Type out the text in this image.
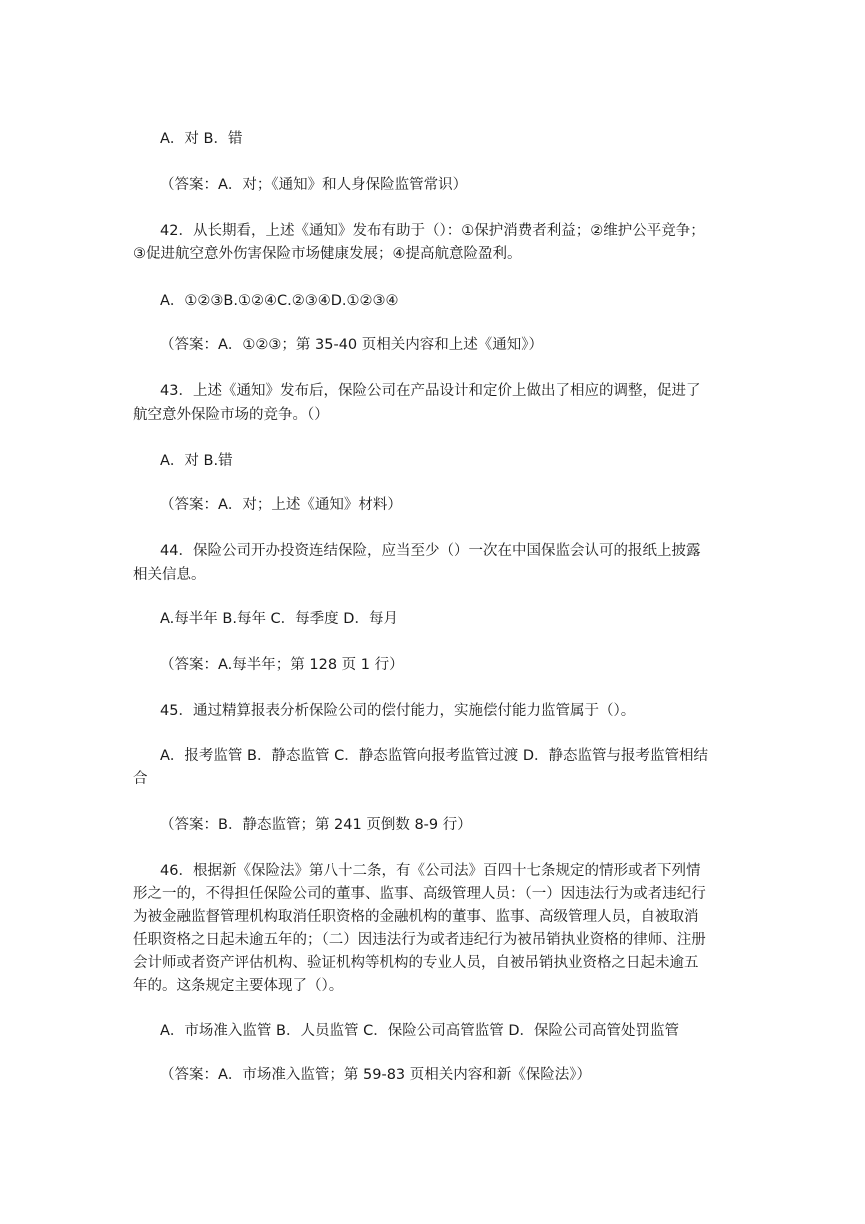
A．对 B．错

（答案：A．对；《通知》和人身保险监管常识）

42．从长期看，上述《通知》发布有助于（）：①保护消费者利益；②维护公平竞争；

③促进航空意外伤害保险市场健康发展；④提高航意险盈利。

A．①②③B.①②④C.②③④D.①②③④

（答案：A．①②③；第 35-40 页相关内容和上述《通知》）

43．上述《通知》发布后，保险公司在产品设计和定价上做出了相应的调整，促进了

航空意外保险市场的竞争。（）

A．对 B.错

（答案：A．对；上述《通知》材料）

44．保险公司开办投资连结保险，应当至少（）一次在中国保监会认可的报纸上披露

相关信息。

A.每半年 B.每年 C．每季度 D．每月

（答案：A.每半年；第 128 页 1 行）

45．通过精算报表分析保险公司的偿付能力，实施偿付能力监管属于（）。

A．报考监管 B．静态监管 C．静态监管向报考监管过渡 D．静态监管与报考监管相结

合

（答案：B．静态监管；第 241 页倒数 8-9 行）

46．根据新《保险法》第八十二条，有《公司法》百四十七条规定的情形或者下列情

形之一的，不得担任保险公司的董事、监事、高级管理人员：（一）因违法行为或者违纪行

为被金融监督管理机构取消任职资格的金融机构的董事、监事、高级管理人员，自被取消

任职资格之日起未逾五年的；（二）因违法行为或者违纪行为被吊销执业资格的律师、注册

会计师或者资产评估机构、验证机构等机构的专业人员，自被吊销执业资格之日起未逾五

年的。这条规定主要体现了（）。

A．市场准入监管 B．人员监管 C．保险公司高管监管 D．保险公司高管处罚监管

（答案：A．市场准入监管；第 59-83 页相关内容和新《保险法》）
